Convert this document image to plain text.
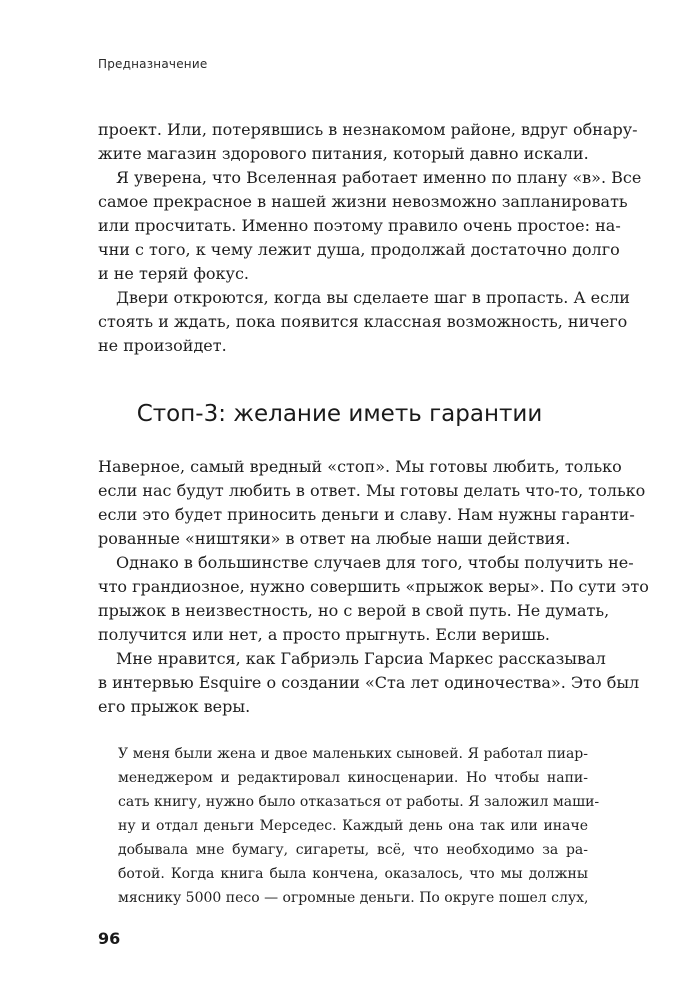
Предназначение
проект. Или, потерявшись в незнакомом районе, вдруг обнару-
жите магазин здорового питания, который давно искали.
Я уверена, что Вселенная работает именно по плану «в». Все
самое прекрасное в нашей жизни невозможно запланировать
или просчитать. Именно поэтому правило очень простое: на-
чни с того, к чему лежит душа, продолжай достаточно долго
и не теряй фокус.
Двери откроются, когда вы сделаете шаг в пропасть. А если
стоять и ждать, пока появится классная возможность, ничего
не произойдет.
Стоп-3: желание иметь гарантии
Наверное, самый вредный «стоп». Мы готовы любить, только
если нас будут любить в ответ. Мы готовы делать что-то, только
если это будет приносить деньги и славу. Нам нужны гаранти-
рованные «ништяки» в ответ на любые наши действия.
Однако в большинстве случаев для того, чтобы получить не-
что грандиозное, нужно совершить «прыжок веры». По сути это
прыжок в неизвестность, но с верой в свой путь. Не думать,
получится или нет, а просто прыгнуть. Если веришь.
Мне нравится, как Габриэль Гарсиа Маркес рассказывал
в интервью Esquire о создании «Ста лет одиночества». Это был
его прыжок веры.
У меня были жена и двое маленьких сыновей. Я работал пиар-
менеджером и редактировал киносценарии. Но чтобы напи-
сать книгу, нужно было отказаться от работы. Я заложил маши-
ну и отдал деньги Мерседес. Каждый день она так или иначе
добывала мне бумагу, сигареты, всё, что необходимо за ра-
ботой. Когда книга была кончена, оказалось, что мы должны
мяснику 5000 песо — огромные деньги. По округе пошел слух,
96
